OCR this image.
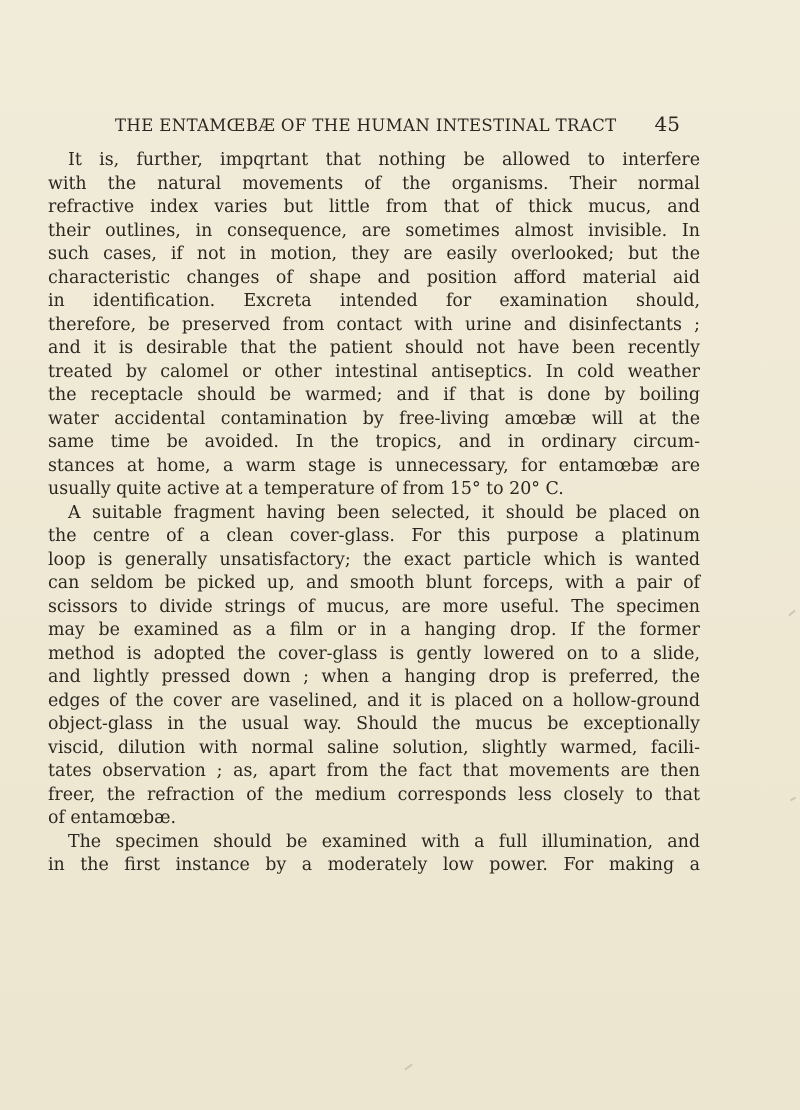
THE ENTAMŒBÆ OF THE HUMAN INTESTINAL TRACT 45
It is, further, impqrtant that nothing be allowed to interfere
with the natural movements of the organisms. Their normal
refractive index varies but little from that of thick mucus, and
their outlines, in consequence, are sometimes almost invisible. In
such cases, if not in motion, they are easily overlooked; but the
characteristic changes of shape and position afford material aid
in identification. Excreta intended for examination should,
therefore, be preserved from contact with urine and disinfectants ;
and it is desirable that the patient should not have been recently
treated by calomel or other intestinal antiseptics. In cold weather
the receptacle should be warmed; and if that is done by boiling
water accidental contamination by free-living amœbæ will at the
same time be avoided. In the tropics, and in ordinary circum-
stances at home, a warm stage is unnecessary, for entamœbæ are
usually quite active at a temperature of from 15° to 20° C.
A suitable fragment having been selected, it should be placed on
the centre of a clean cover-glass. For this purpose a platinum
loop is generally unsatisfactory; the exact particle which is wanted
can seldom be picked up, and smooth blunt forceps, with a pair of
scissors to divide strings of mucus, are more useful. The specimen
may be examined as a film or in a hanging drop. If the former
method is adopted the cover-glass is gently lowered on to a slide,
and lightly pressed down ; when a hanging drop is preferred, the
edges of the cover are vaselined, and it is placed on a hollow-ground
object-glass in the usual way. Should the mucus be exceptionally
viscid, dilution with normal saline solution, slightly warmed, facili-
tates observation ; as, apart from the fact that movements are then
freer, the refraction of the medium corresponds less closely to that
of entamœbæ.
The specimen should be examined with a full illumination, and
in the first instance by a moderately low power. For making a
